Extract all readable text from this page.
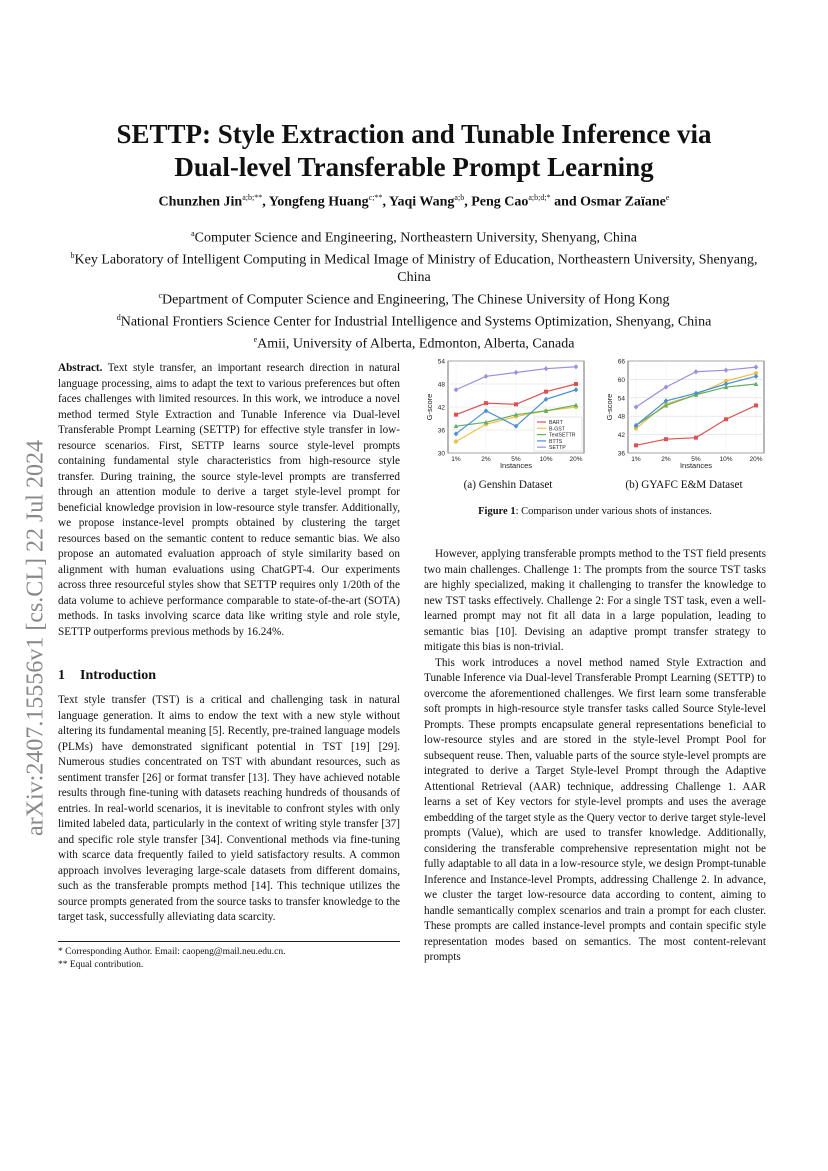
arXiv:2407.15556v1 [cs.CL] 22 Jul 2024
SETTP: Style Extraction and Tunable Inference via
Dual-level Transferable Prompt Learning
Chunzhen Jin$^{a;b;**}$, Yongfeng Huang$^{c;**}$, Yaqi Wang$^{a;b}$, Peng Cao$^{a;b;d;*}$ and Osmar Zaïane$^e$
$^a$Computer Science and Engineering, Northeastern University, Shenyang, China
$^b$Key Laboratory of Intelligent Computing in Medical Image of Ministry of Education, Northeastern University, Shenyang, China
$^c$Department of Computer Science and Engineering, The Chinese University of Hong Kong
$^d$National Frontiers Science Center for Industrial Intelligence and Systems Optimization, Shenyang, China
$^e$Amii, University of Alberta, Edmonton, Alberta, Canada
Abstract. Text style transfer, an important research direction in natural language processing, aims to adapt the text to various preferences but often faces challenges with limited resources. In this work, we introduce a novel method termed Style Extraction and Tunable Inference via Dual-level Transferable Prompt Learning (SETTP) for effective style transfer in low-resource scenarios. First, SETTP learns source style-level prompts containing fundamental style characteristics from high-resource style transfer. During training, the source style-level prompts are transferred through an attention module to derive a target style-level prompt for beneficial knowledge provision in low-resource style transfer. Additionally, we propose instance-level prompts obtained by clustering the target resources based on the semantic content to reduce semantic bias. We also propose an automated evaluation approach of style similarity based on alignment with human evaluations using ChatGPT-4. Our experiments across three resourceful styles show that SETTP requires only 1/20th of the data volume to achieve performance comparable to state-of-the-art (SOTA) methods. In tasks involving scarce data like writing style and role style, SETTP outperforms previous methods by 16.24%.
1 Introduction

Text style transfer (TST) is a critical and challenging task in natural language generation. It aims to endow the text with a new style without altering its fundamental meaning [5]. Recently, pre-trained language models (PLMs) have demonstrated significant potential in TST [19] [29]. Numerous studies concentrated on TST with abundant resources, such as sentiment transfer [26] or format transfer [13]. They have achieved notable results through fine-tuning with datasets reaching hundreds of thousands of entries. In real-world scenarios, it is inevitable to confront styles with only limited labeled data, particularly in the context of writing style transfer [37] and specific role style transfer [34]. Conventional methods via fine-tuning with scarce data frequently failed to yield satisfactory results. A common approach involves leveraging large-scale datasets from different domains, such as the transferable prompts method [14]. This technique utilizes the source prompts generated from the source tasks to transfer knowledge to the target task, successfully alleviating data scarcity.

* Corresponding Author. Email: caopeng@mail.neu.edu.cn.
** Equal contribution.
30
36
42
48
54
1%	2%	5%	10%	20%
Instances
G-score
BART
B-GST
TextSETTR
BTTS
SETTP
36
42
48
54
60
66
1%	2%	5%	10%	20%
Instances
G-score
(a) Genshin Dataset	(b) GYAFC E&M Dataset
Figure 1: Comparison under various shots of instances.

However, applying transferable prompts method to the TST field presents two main challenges. Challenge 1: The prompts from the source TST tasks are highly specialized, making it challenging to transfer the knowledge to new TST tasks effectively. Challenge 2: For a single TST task, even a well-learned prompt may not fit all data in a large population, leading to semantic bias [10]. Devising an adaptive prompt transfer strategy to mitigate this bias is non-trivial.

This work introduces a novel method named Style Extraction and Tunable Inference via Dual-level Transferable Prompt Learning (SETTP) to overcome the aforementioned challenges. We first learn some transferable soft prompts in high-resource style transfer tasks called Source Style-level Prompts. These prompts encapsulate general representations beneficial to low-resource styles and are stored in the style-level Prompt Pool for subsequent reuse. Then, valuable parts of the source style-level prompts are integrated to derive a Target Style-level Prompt through the Adaptive Attentional Retrieval (AAR) technique, addressing Challenge 1. AAR learns a set of Key vectors for style-level prompts and uses the average embedding of the target style as the Query vector to derive target style-level prompts (Value), which are used to transfer knowledge. Additionally, considering the transferable comprehensive representation might not be fully adaptable to all data in a low-resource style, we design Prompt-tunable Inference and Instance-level Prompts, addressing Challenge 2. In advance, we cluster the target low-resource data according to content, aiming to handle semantically complex scenarios and train a prompt for each cluster. These prompts are called instance-level prompts and contain specific style representation modes based on semantics. The most content-relevant prompts
